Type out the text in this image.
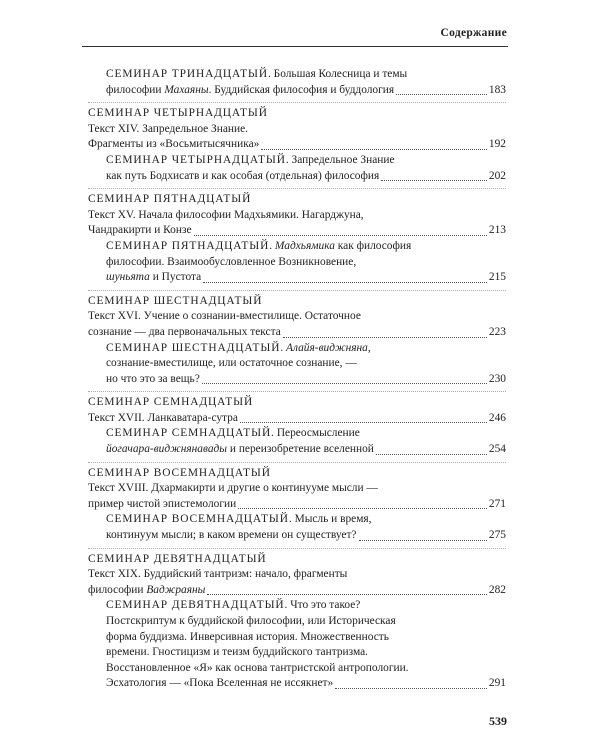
Содержание
СЕМИНАР ТРИНАДЦАТЫЙ. Большая Колесница и темы
философии Махаяны. Буддийская философия и буддология	183
СЕМИНАР ЧЕТЫРНАДЦАТЫЙ
Текст XIV. Запредельное Знание.
Фрагменты из «Восьмитысячника»	192
СЕМИНАР ЧЕТЫРНАДЦАТЫЙ. Запредельное Знание
как путь Бодхисатв и как особая (отдельная) философия	202
СЕМИНАР ПЯТНАДЦАТЫЙ
Текст XV. Начала философии Мадхьямики. Нагарджуна,
Чандракирти и Конзе	213
СЕМИНАР ПЯТНАДЦАТЫЙ. Мадхьямика как философия
философии. Взаимообусловленное Возникновение,
шуньята и Пустота	215
СЕМИНАР ШЕСТНАДЦАТЫЙ
Текст XVI. Учение о сознании-вместилище. Остаточное
сознание — два первоначальных текста	223
СЕМИНАР ШЕСТНАДЦАТЫЙ. Алайя-виджняна,
сознание-вместилище, или остаточное сознание, —
но что это за вещь?	230
СЕМИНАР СЕМНАДЦАТЫЙ
Текст XVII. Ланкаватара-сутра	246
СЕМИНАР СЕМНАДЦАТЫЙ. Переосмысление
йогачара-виджнянавады и переизобретение вселенной	254
СЕМИНАР ВОСЕМНАДЦАТЫЙ
Текст XVIII. Дхармакирти и другие о континууме мысли —
пример чистой эпистемологии	271
СЕМИНАР ВОСЕМНАДЦАТЫЙ. Мысль и время,
континуум мысли; в каком времени он существует?	275
СЕМИНАР ДЕВЯТНАДЦАТЫЙ
Текст XIX. Буддийский тантризм: начало, фрагменты
философии Ваджраяны	282
СЕМИНАР ДЕВЯТНАДЦАТЫЙ. Что это такое?
Постскриптум к буддийской философии, или Историческая
форма буддизма. Инверсивная история. Множественность
времени. Гностицизм и теизм буддийского тантризма.
Восстановленное «Я» как основа тантристской антропологии.
Эсхатология — «Пока Вселенная не иссякнет»	291
539
